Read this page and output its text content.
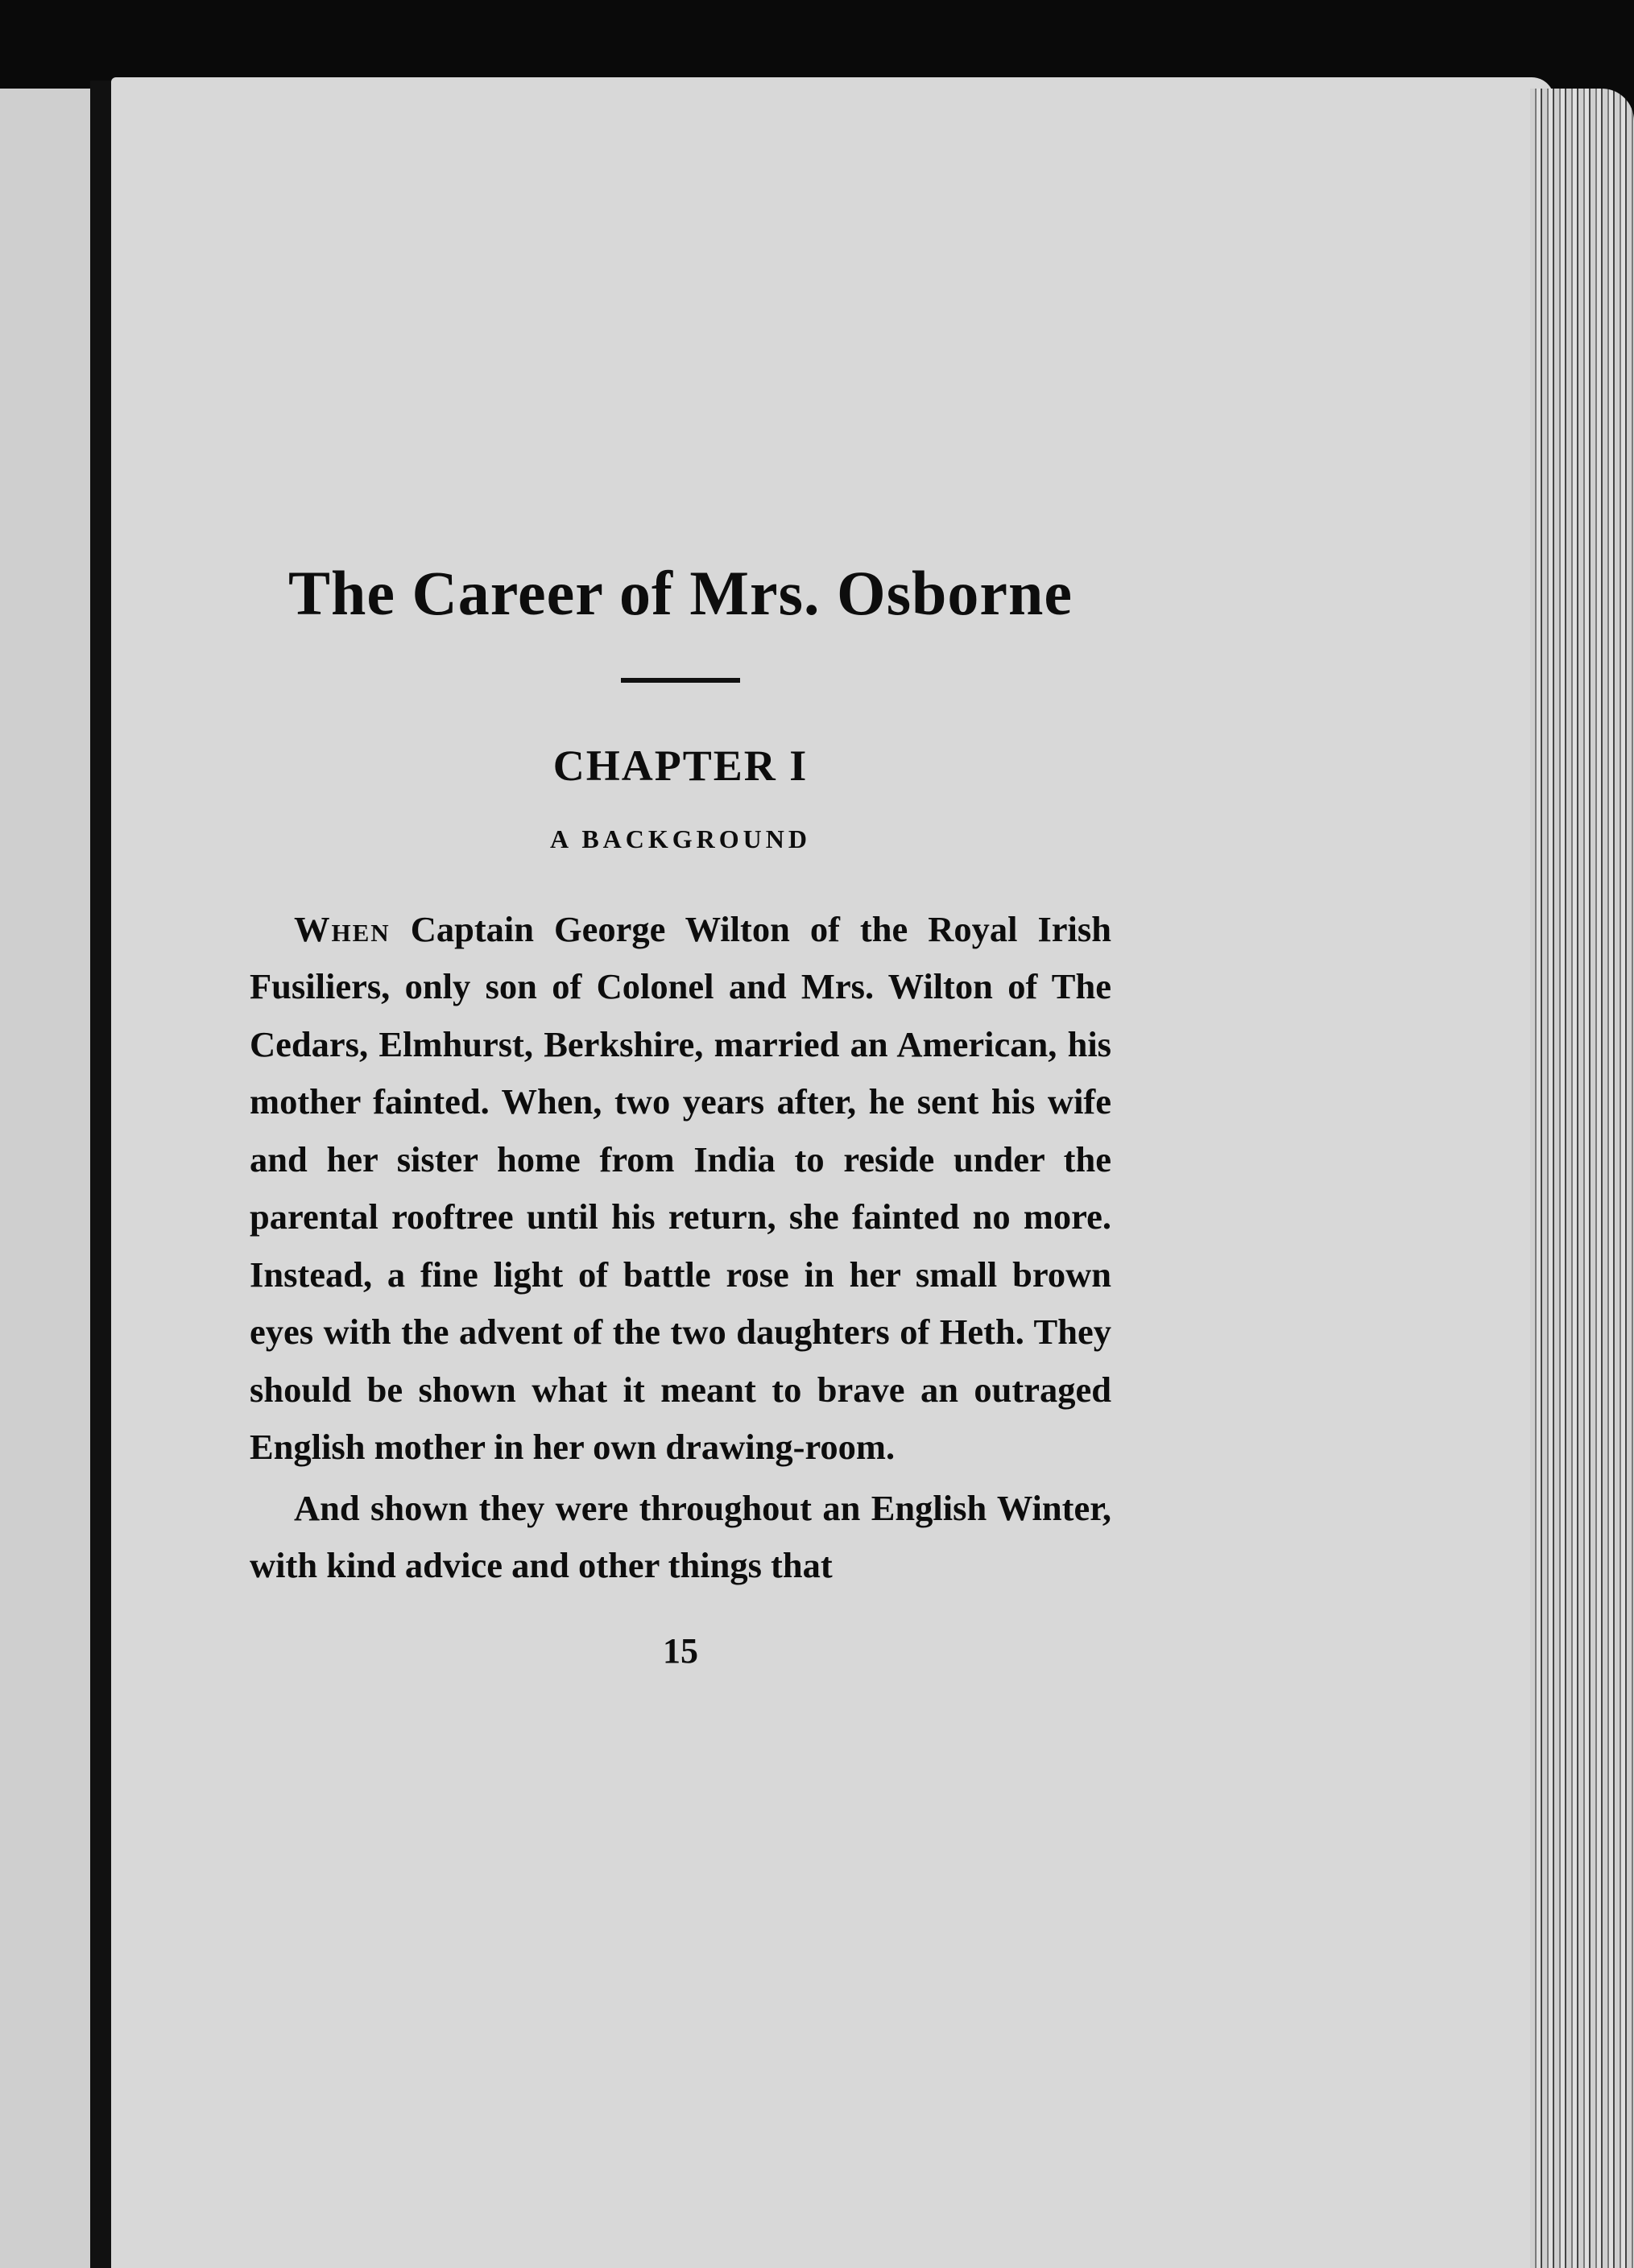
The Career of Mrs. Osborne
CHAPTER I
A BACKGROUND

When Captain George Wilton of the Royal Irish Fusiliers, only son of Colonel and Mrs. Wilton of The Cedars, Elmhurst, Berkshire, married an American, his mother fainted. When, two years after, he sent his wife and her sister home from India to reside under the parental rooftree until his return, she fainted no more. Instead, a fine light of battle rose in her small brown eyes with the advent of the two daughters of Heth. They should be shown what it meant to brave an outraged English mother in her own drawing-room.

And shown they were throughout an English Winter, with kind advice and other things that

15
